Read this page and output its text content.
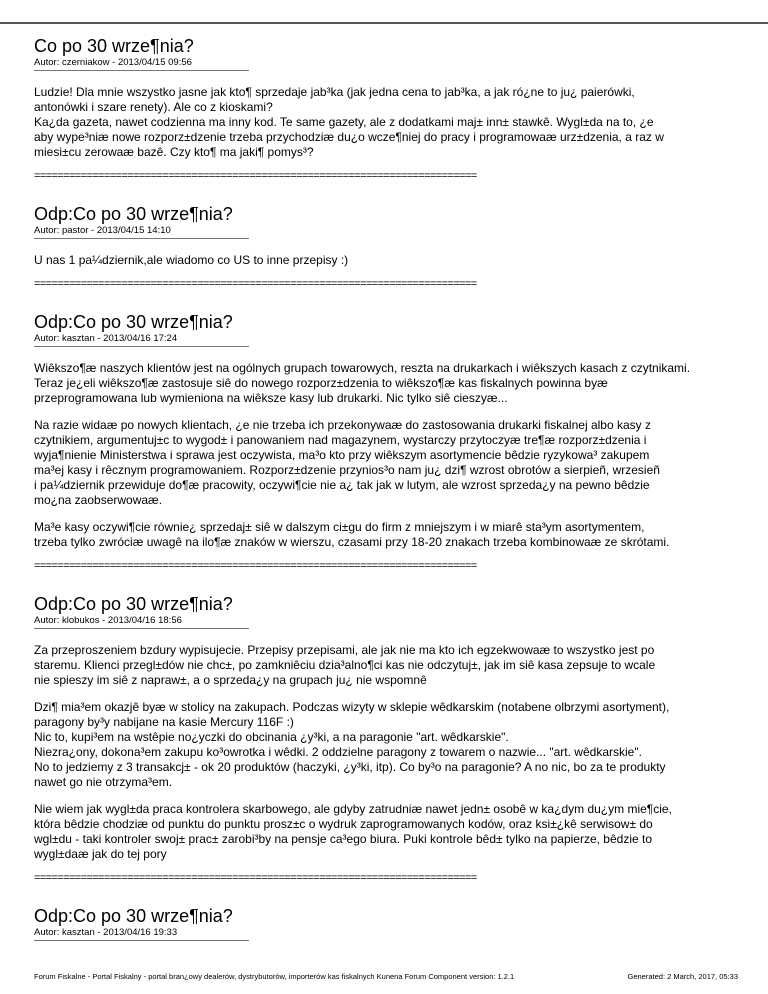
Co po 30 wrze¶nia?

Autor: czerniakow - 2013/04/15 09:56

Ludzie! Dla mnie wszystko jasne jak kto¶ sprzedaje jab³ka (jak jedna cena to jab³ka, a jak ró¿ne to ju¿ paierówki,
antonówki i szare renety). Ale co z kioskami?
Ka¿da gazeta, nawet codzienna ma inny kod. Te same gazety, ale z dodatkami maj± inn± stawkê. Wygl±da na to, ¿e
aby wype³niæ nowe rozporz±dzenie trzeba przychodziæ du¿o wcze¶niej do pracy i programowaæ urz±dzenia, a raz w
miesi±cu zerowaæ bazê. Czy kto¶ ma jaki¶ pomys³?

============================================================================
Odp:Co po 30 wrze¶nia?

Autor: pastor - 2013/04/15 14:10

U nas 1 pa¼dziernik,ale wiadomo co US to inne przepisy :)

============================================================================
Odp:Co po 30 wrze¶nia?

Autor: kasztan - 2013/04/16 17:24

Wiêkszo¶æ naszych klientów jest na ogólnych grupach towarowych, reszta na drukarkach i wiêkszych kasach z czytnikami.
Teraz je¿eli wiêkszo¶æ zastosuje siê do nowego rozporz±dzenia to wiêkszo¶æ kas fiskalnych powinna byæ
przeprogramowana lub wymieniona na wiêksze kasy lub drukarki. Nic tylko siê cieszyæ...

Na razie widaæ po nowych klientach, ¿e nie trzeba ich przekonywaæ do zastosowania drukarki fiskalnej albo kasy z
czytnikiem, argumentuj±c to wygod± i panowaniem nad magazynem, wystarczy przytoczyæ tre¶æ rozporz±dzenia i
wyja¶nienie Ministerstwa i sprawa jest oczywista, ma³o kto przy wiêkszym asortymencie bêdzie ryzykowa³ zakupem
ma³ej kasy i rêcznym programowaniem. Rozporz±dzenie przynios³o nam ju¿ dzi¶ wzrost obrotów a sierpieñ, wrzesieñ
i pa¼dziernik przewiduje do¶æ pracowity, oczywi¶cie nie a¿ tak jak w lutym, ale wzrost sprzeda¿y na pewno bêdzie
mo¿na zaobserwowaæ.

Ma³e kasy oczywi¶cie równie¿ sprzedaj± siê w dalszym ci±gu do firm z mniejszym i w miarê sta³ym asortymentem,
trzeba tylko zwróciæ uwagê na ilo¶æ znaków w wierszu, czasami przy 18-20 znakach trzeba kombinowaæ ze skrótami.

============================================================================
Odp:Co po 30 wrze¶nia?

Autor: klobukos - 2013/04/16 18:56

Za przeproszeniem bzdury wypisujecie. Przepisy przepisami, ale jak nie ma kto ich egzekwowaæ to wszystko jest po
staremu. Klienci przegl±dów nie chc±, po zamkniêciu dzia³alno¶ci kas nie odczytuj±, jak im siê kasa zepsuje to wcale
nie spieszy im siê z napraw±, a o sprzeda¿y na grupach ju¿ nie wspomnê

Dzi¶ mia³em okazjê byæ w stolicy na zakupach. Podczas wizyty w sklepie wêdkarskim (notabene olbrzymi asortyment),
paragony by³y nabijane na kasie Mercury 116F :)
Nic to, kupi³em na wstêpie no¿yczki do obcinania ¿y³ki, a na paragonie "art. wêdkarskie".
Niezra¿ony, dokona³em zakupu ko³owrotka i wêdki. 2 oddzielne paragony z towarem o nazwie... "art. wêdkarskie".
No to jedziemy z 3 transakcj± - ok 20 produktów (haczyki, ¿y³ki, itp). Co by³o na paragonie? A no nic, bo za te produkty
nawet go nie otrzyma³em.

Nie wiem jak wygl±da praca kontrolera skarbowego, ale gdyby zatrudniæ nawet jedn± osobê w ka¿dym du¿ym mie¶cie,
która bêdzie chodziæ od punktu do punktu prosz±c o wydruk zaprogramowanych kodów, oraz ksi±¿kê serwisow± do
wgl±du - taki kontroler swoj± prac± zarobi³by na pensje ca³ego biura. Puki kontrole bêd± tylko na papierze, bêdzie to
wygl±daæ jak do tej pory

============================================================================
Odp:Co po 30 wrze¶nia?

Autor: kasztan - 2013/04/16 19:33

Forum Fiskalne - Portal Fiskalny - portal bran¿owy dealerów, dystrybutorów, importerów kas fiskalnych Kunena Forum Component version: 1.2.1	Generated: 2 March, 2017, 05:33
